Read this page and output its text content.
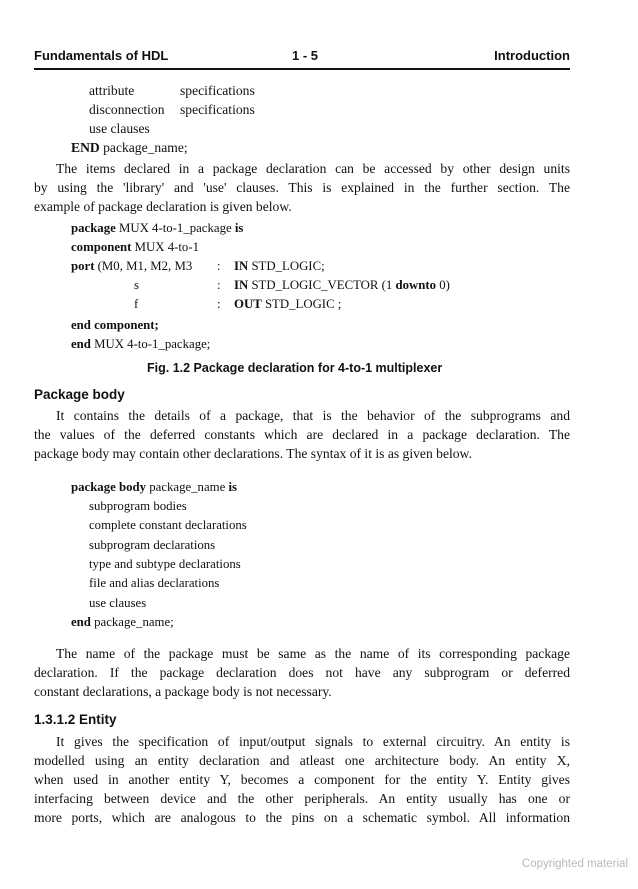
Fundamentals of HDL	1 - 5	Introduction
attribute	specifications
disconnection specifications
use clauses
END package_name;
The items declared in a package declaration can be accessed by other design units
by using the 'library' and 'use' clauses. This is explained in the further section. The
example of package declaration is given below.
package MUX 4-to-1_package is
component MUX 4-to-1
port (M0, M1, M2, M3 : IN STD_LOGIC;
s	: IN STD_LOGIC_VECTOR (1 downto 0)
f	: OUT STD_LOGIC ;
end component;
end MUX 4-to-1_package;
Fig. 1.2 Package declaration for 4-to-1 multiplexer
Package body
It contains the details of a package, that is the behavior of the subprograms and
the values of the deferred constants which are declared in a package declaration. The
package body may contain other declarations. The syntax of it is as given below.
package body package_name is
subprogram bodies
complete constant declarations
subprogram declarations
type and subtype declarations
file and alias declarations
use clauses
end package_name;
The name of the package must be same as the name of its corresponding package
declaration. If the package declaration does not have any subprogram or deferred
constant declarations, a package body is not necessary.
1.3.1.2 Entity
It gives the specification of input/output signals to external circuitry. An entity is
modelled using an entity declaration and atleast one architecture body. An entity X,
when used in another entity Y, becomes a component for the entity Y. Entity gives
interfacing between device and the other peripherals. An entity usually has one or
more ports, which are analogous to the pins on a schematic symbol. All information
Copyrighted material
